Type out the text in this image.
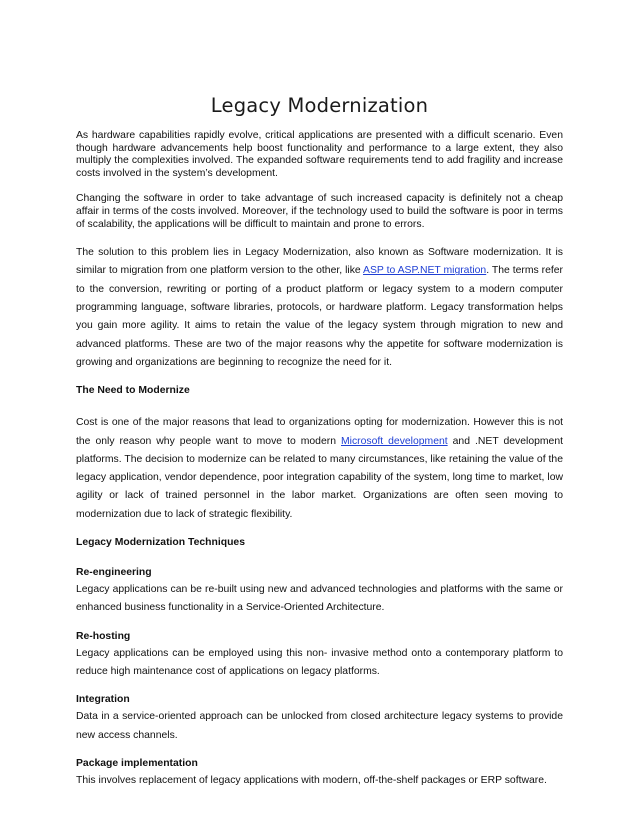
Legacy Modernization

As hardware capabilities rapidly evolve, critical applications are presented with a difficult scenario. Even though hardware advancements help boost functionality and performance to a large extent, they also multiply the complexities involved. The expanded software requirements tend to add fragility and increase costs involved in the system’s development.

Changing the software in order to take advantage of such increased capacity is definitely not a cheap affair in terms of the costs involved. Moreover, if the technology used to build the software is poor in terms of scalability, the applications will be difficult to maintain and prone to errors.

The solution to this problem lies in Legacy Modernization, also known as Software modernization. It is similar to migration from one platform version to the other, like ASP to ASP.NET migration. The terms refer to the conversion, rewriting or porting of a product platform or legacy system to a modern computer programming language, software libraries, protocols, or hardware platform. Legacy transformation helps you gain more agility. It aims to retain the value of the legacy system through migration to new and advanced platforms. These are two of the major reasons why the appetite for software modernization is growing and organizations are beginning to recognize the need for it.

The Need to Modernize

Cost is one of the major reasons that lead to organizations opting for modernization. However this is not the only reason why people want to move to modern Microsoft development and .NET development platforms. The decision to modernize can be related to many circumstances, like retaining the value of the legacy application, vendor dependence, poor integration capability of the system, long time to market, low agility or lack of trained personnel in the labor market. Organizations are often seen moving to modernization due to lack of strategic flexibility.

Legacy Modernization Techniques

Re-engineering

Legacy applications can be re-built using new and advanced technologies and platforms with the same or enhanced business functionality in a Service-Oriented Architecture.

Re-hosting

Legacy applications can be employed using this non- invasive method onto a contemporary platform to reduce high maintenance cost of applications on legacy platforms.

Integration

Data in a service-oriented approach can be unlocked from closed architecture legacy systems to provide new access channels.

Package implementation

This involves replacement of legacy applications with modern, off-the-shelf packages or ERP software.
